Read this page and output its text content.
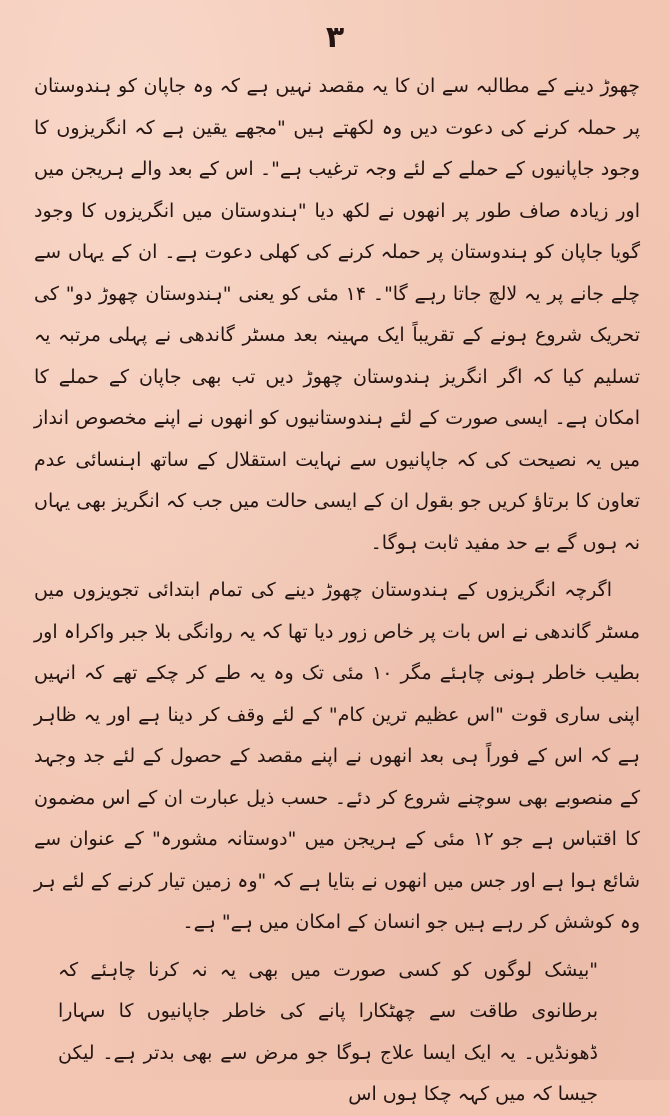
۳

چھوڑ دینے کے مطالبہ سے ان کا یہ مقصد نہیں ہے کہ وہ جاپان کو ہندوستان پر حملہ کرنے کی دعوت دیں وہ لکھتے ہیں "مجھے یقین ہے کہ انگریزوں کا وجود جاپانیوں کے حملے کے لئے وجہ ترغیب ہے"۔ اس کے بعد والے ہریجن میں اور زیادہ صاف طور پر انھوں نے لکھ دیا "ہندوستان میں انگریزوں کا وجود گویا جاپان کو ہندوستان پر حملہ کرنے کی کھلی دعوت ہے۔ ان کے یہاں سے چلے جانے پر یہ لالچ جاتا رہے گا"۔ ۱۴ مئی کو یعنی "ہندوستان چھوڑ دو" کی تحریک شروع ہونے کے تقریباً ایک مہینہ بعد مسٹر گاندھی نے پہلی مرتبہ یہ تسلیم کیا کہ اگر انگریز ہندوستان چھوڑ دیں تب بھی جاپان کے حملے کا امکان ہے۔ ایسی صورت کے لئے ہندوستانیوں کو انھوں نے اپنے مخصوص انداز میں یہ نصیحت کی کہ جاپانیوں سے نہایت استقلال کے ساتھ اہنسائی عدم تعاون کا برتاؤ کریں جو بقول ان کے ایسی حالت میں جب کہ انگریز بھی یہاں نہ ہوں گے بے حد مفید ثابت ہوگا۔

اگرچہ انگریزوں کے ہندوستان چھوڑ دینے کی تمام ابتدائی تجویزوں میں مسٹر گاندھی نے اس بات پر خاص زور دیا تھا کہ یہ روانگی بلا جبر واکراہ اور بطیب خاطر ہونی چاہئے مگر ۱۰ مئی تک وہ یہ طے کر چکے تھے کہ انہیں اپنی ساری قوت "اس عظیم ترین کام" کے لئے وقف کر دینا ہے اور یہ ظاہر ہے کہ اس کے فوراً ہی بعد انھوں نے اپنے مقصد کے حصول کے لئے جد وجہد کے منصوبے بھی سوچنے شروع کر دئے۔ حسب ذیل عبارت ان کے اس مضمون کا اقتباس ہے جو ۱۲ مئی کے ہریجن میں "دوستانہ مشورہ" کے عنوان سے شائع ہوا ہے اور جس میں انھوں نے بتایا ہے کہ "وہ زمین تیار کرنے کے لئے ہر وہ کوشش کر رہے ہیں جو انسان کے امکان میں ہے" ہے۔

"بیشک لوگوں کو کسی صورت میں بھی یہ نہ کرنا چاہئے کہ برطانوی طاقت سے چھٹکارا پانے کی خاطر جاپانیوں کا سہارا ڈھونڈیں۔ یہ ایک ایسا علاج ہوگا جو مرض سے بھی بدتر ہے۔ لیکن جیسا کہ میں کہہ چکا ہوں اس
